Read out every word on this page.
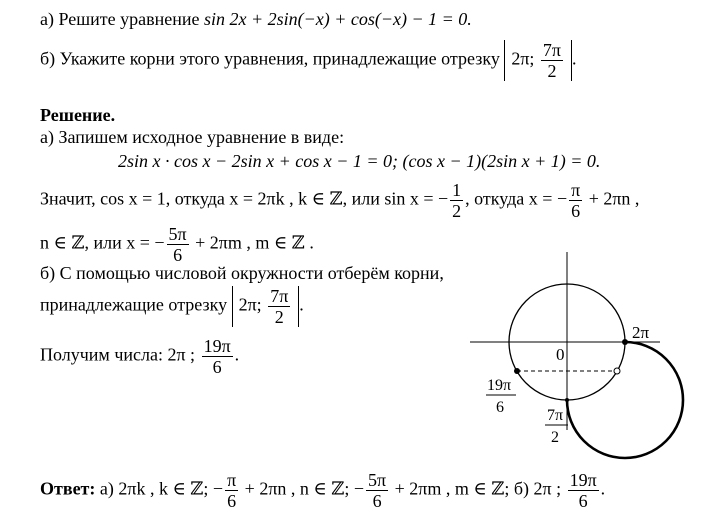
а) Решите уравнение sin 2x + 2sin(−x) + cos(−x) − 1 = 0.
б) Укажите корни этого уравнения, принадлежащие отрезку 2π; $\frac{7\pi}{2}$ .
Решение.
а) Запишем исходное уравнение в виде:
2sin x · cos x − 2sin x + cos x − 1 = 0; (cos x − 1)(2sin x + 1) = 0.
Значит, cos x = 1, откуда x = 2πk , k ∈ ℤ, или sin x = − $\frac{1}{2}$ , откуда x = − $\frac{\pi}{6} + 2\pi n$ ,
n ∈ ℤ, или x = − $\frac{5\pi}{6} + 2\pi m$ , m ∈ ℤ .
б) С помощью числовой окружности отберём корни,
принадлежащие отрезку 2π; $\frac{7\pi}{2}$ .
Получим числа: 2π ; $\frac{19\pi}{6}$ .	0
2π
19π
6	7π
2
Ответ: а) 2πk , k ∈ ℤ; − $\frac{\pi}{6} + 2\pi n$ , n ∈ ℤ; − $\frac{5\pi}{6} + 2\pi m$ , m ∈ ℤ; б) 2π ; $\frac{19\pi}{6}$ .
